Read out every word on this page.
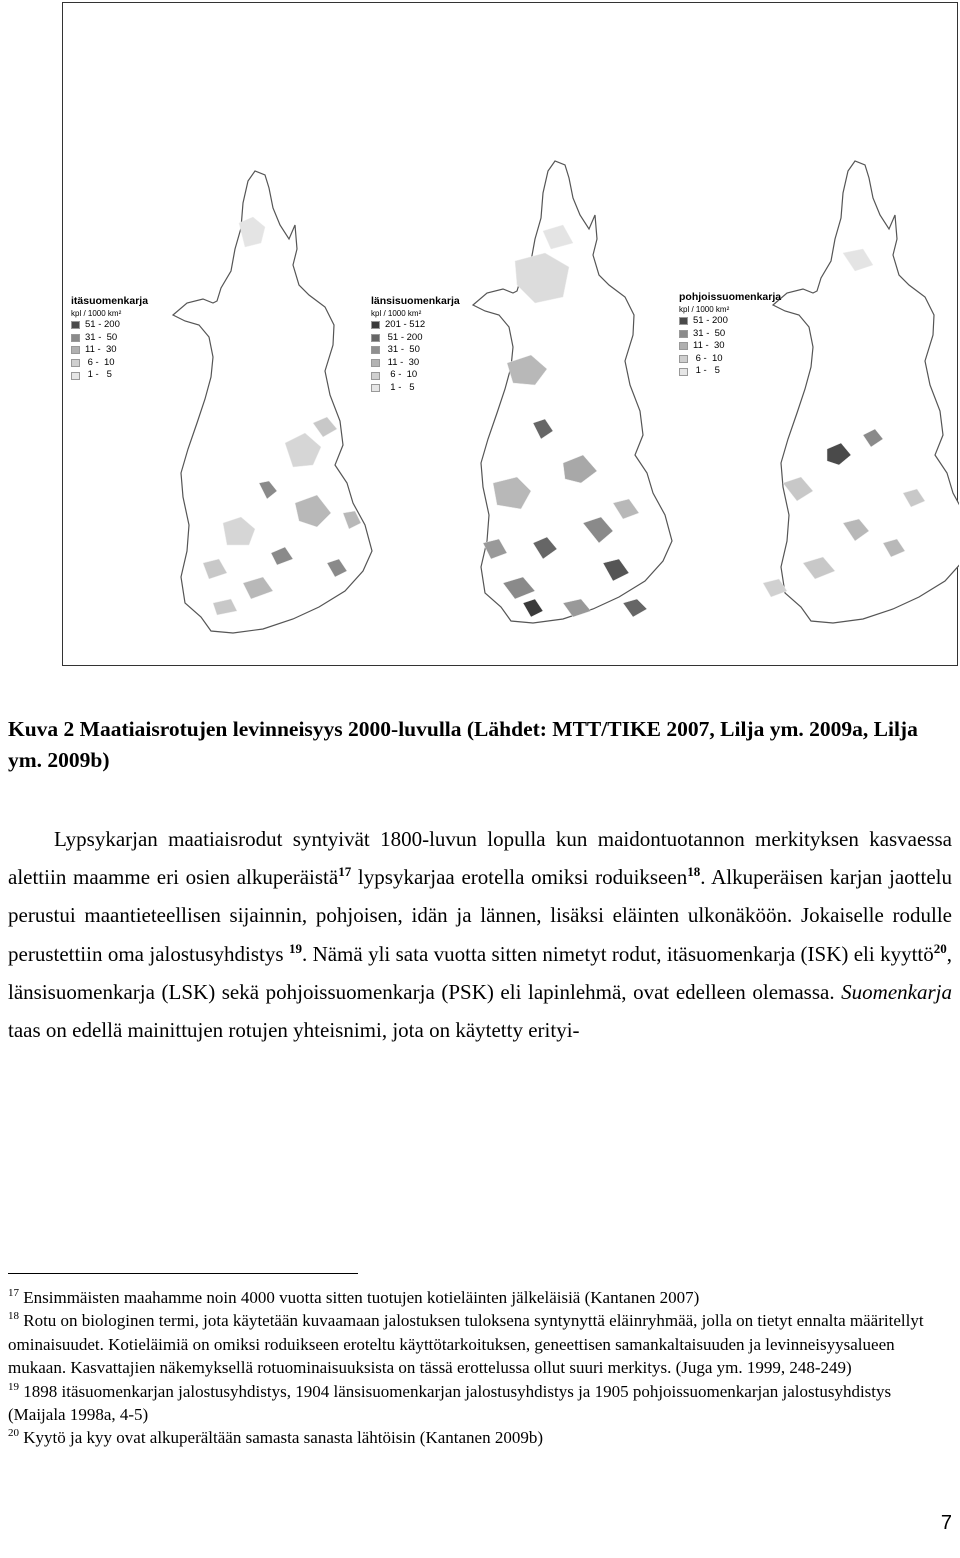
itäsuomenkarja
kpl / 1000 km²
51 - 200
31 -  50
11 -  30
6 -  10
1 -   5
länsisuomenkarja
kpl / 1000 km²
201 - 512
51 - 200
31 -  50
11 -  30
6 -  10
1 -   5
pohjoissuomenkarja
kpl / 1000 km²
51 - 200
31 -  50
11 -  30
6 -  10
1 -   5
Kuva 2 Maatiaisrotujen levinneisyys 2000-luvulla (Lähdet: MTT/TIKE 2007, Lilja ym. 2009a, Lilja ym. 2009b)

Lypsykarjan maatiaisrodut syntyivät 1800-luvun lopulla kun maidontuotannon merkityksen kasvaessa alettiin maamme eri osien alkuperäistä$^{17}$ lypsykarjaa erotella omiksi roduikseen$^{18}$. Alkuperäisen karjan jaottelu perustui maantieteellisen sijainnin, pohjoisen, idän ja lännen, lisäksi eläinten ulkonäköön. Jokaiselle rodulle perustettiin oma jalostusyhdistys $^{19}$. Nämä yli sata vuotta sitten nimetyt rodut, itäsuomenkarja (ISK) eli kyyttö$^{20}$, länsisuomenkarja (LSK) sekä pohjoissuomenkarja (PSK) eli lapinlehmä, ovat edelleen olemassa. Suomenkarja taas on edellä mainittujen rotujen yhteisnimi, jota on käytetty erityi-

$^{17}$ Ensimmäisten maahamme noin 4000 vuotta sitten tuotujen kotieläinten jälkeläisiä (Kantanen 2007)

$^{18}$ Rotu on biologinen termi, jota käytetään kuvaamaan jalostuksen tuloksena syntynyttä eläinryhmää, jolla on tietyt ennalta määritellyt ominaisuudet. Kotieläimiä on omiksi roduikseen eroteltu käyttötarkoituksen, geneettisen samankaltaisuuden ja levinneisyysalueen mukaan. Kasvattajien näkemyksellä rotuominaisuuksista on tässä erottelussa ollut suuri merkitys. (Juga ym. 1999, 248-249)

$^{19}$ 1898 itäsuomenkarjan jalostusyhdistys, 1904 länsisuomenkarjan jalostusyhdistys ja 1905 pohjoissuomenkarjan jalostusyhdistys (Maijala 1998a, 4-5)

$^{20}$ Kyytö ja kyy ovat alkuperältään samasta sanasta lähtöisin (Kantanen 2009b)

7
